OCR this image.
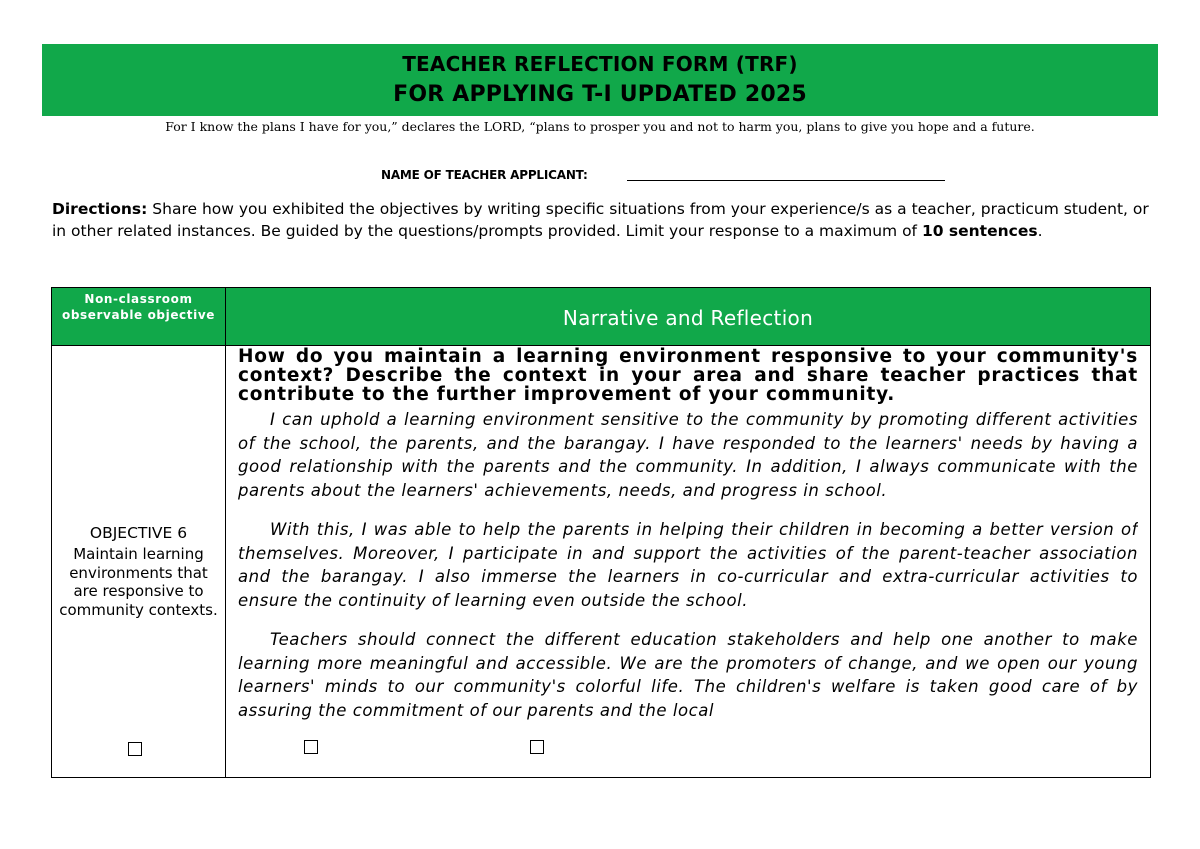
TEACHER REFLECTION FORM (TRF)
FOR APPLYING T-I UPDATED 2025
For I know the plans I have for you,” declares the LORD, “plans to prosper you and not to harm you, plans to give you hope and a future.
NAME OF TEACHER APPLICANT:
Directions: Share how you exhibited the objectives by writing specific situations from your experience/s as a teacher, practicum student, or in other related instances. Be guided by the questions/prompts provided. Limit your response to a maximum of 10 sentences.
Non-classroom observable objective	Narrative and Reflection
OBJECTIVE 6
Maintain learning environments that are responsive to community contexts.

How do you maintain a learning environment responsive to your community's context? Describe the context in your area and share teacher practices that contribute to the further improvement of your community.

I can uphold a learning environment sensitive to the community by promoting different activities of the school, the parents, and the barangay. I have responded to the learners' needs by having a good relationship with the parents and the community. In addition, I always communicate with the parents about the learners' achievements, needs, and progress in school.

With this, I was able to help the parents in helping their children in becoming a better version of themselves. Moreover, I participate in and support the activities of the parent-teacher association and the barangay. I also immerse the learners in co-curricular and extra-curricular activities to ensure the continuity of learning even outside the school.

Teachers should connect the different education stakeholders and help one another to make learning more meaningful and accessible. We are the promoters of change, and we open our young learners' minds to our community's colorful life. The children's welfare is taken good care of by assuring the commitment of our parents and the local
